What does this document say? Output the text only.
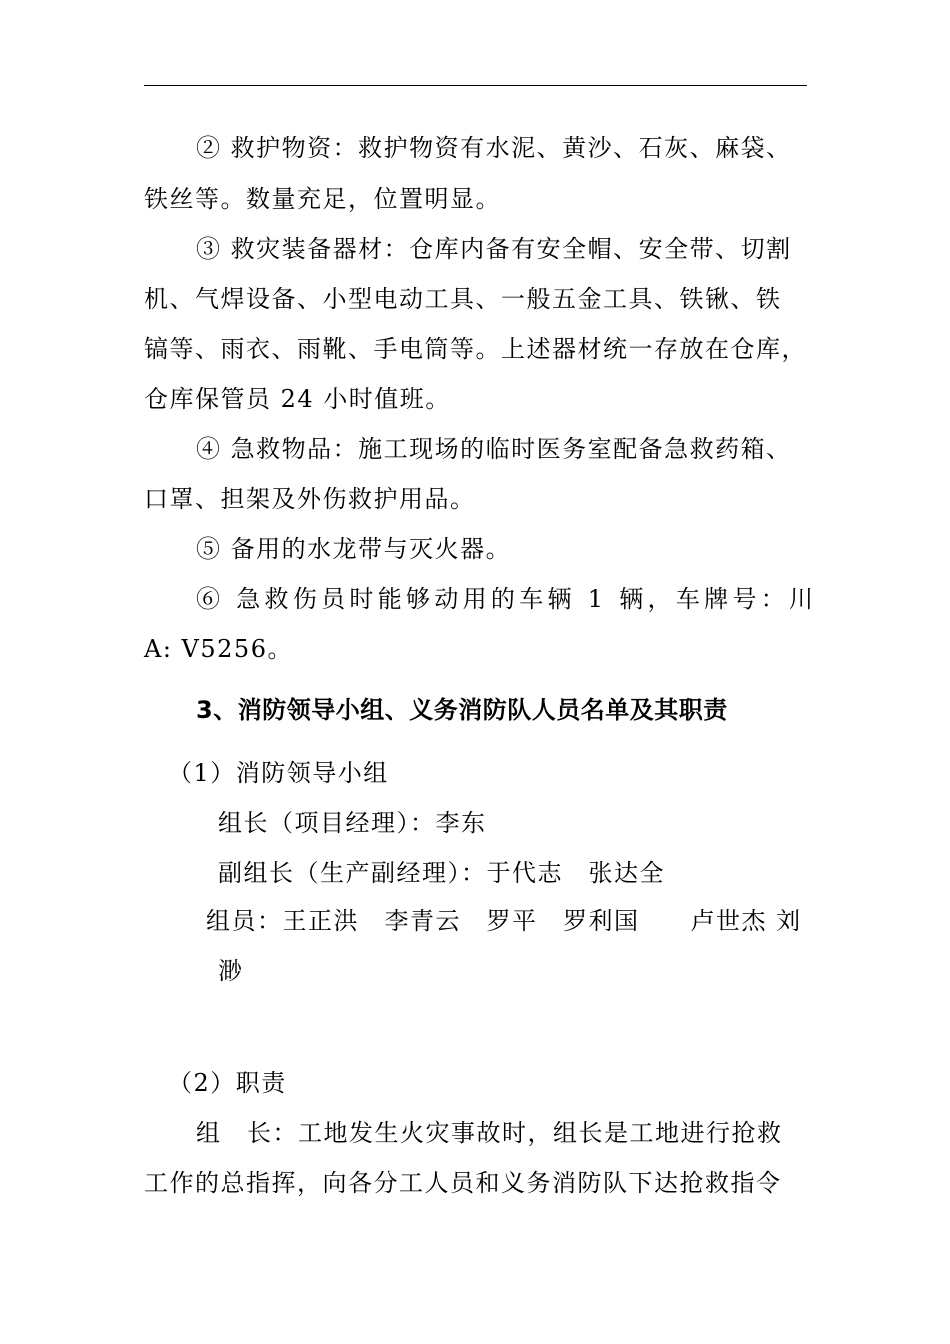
② 救护物资：救护物资有水泥、黄沙、石灰、麻袋、
铁丝等。数量充足，位置明显。
③ 救灾装备器材：仓库内备有安全帽、安全带、切割
机、气焊设备、小型电动工具、一般五金工具、铁锹、铁
镐等、雨衣、雨靴、手电筒等。上述器材统一存放在仓库，
仓库保管员 24 小时值班。
④ 急救物品：施工现场的临时医务室配备急救药箱、
口罩、担架及外伤救护用品。
⑤ 备用的水龙带与灭火器。
⑥ 急救伤员时能够动用的车辆 1 辆，车牌号：川
A: V5256。
3、消防领导小组、义务消防队人员名单及其职责
（1）消防领导小组
组长（项目经理）：李东
副组长（生产副经理）：于代志　张达全
组员：王正洪　李青云　罗平　罗利国　　卢世杰 刘
渺
（2）职责
组　长：工地发生火灾事故时，组长是工地进行抢救
工作的总指挥，向各分工人员和义务消防队下达抢救指令
